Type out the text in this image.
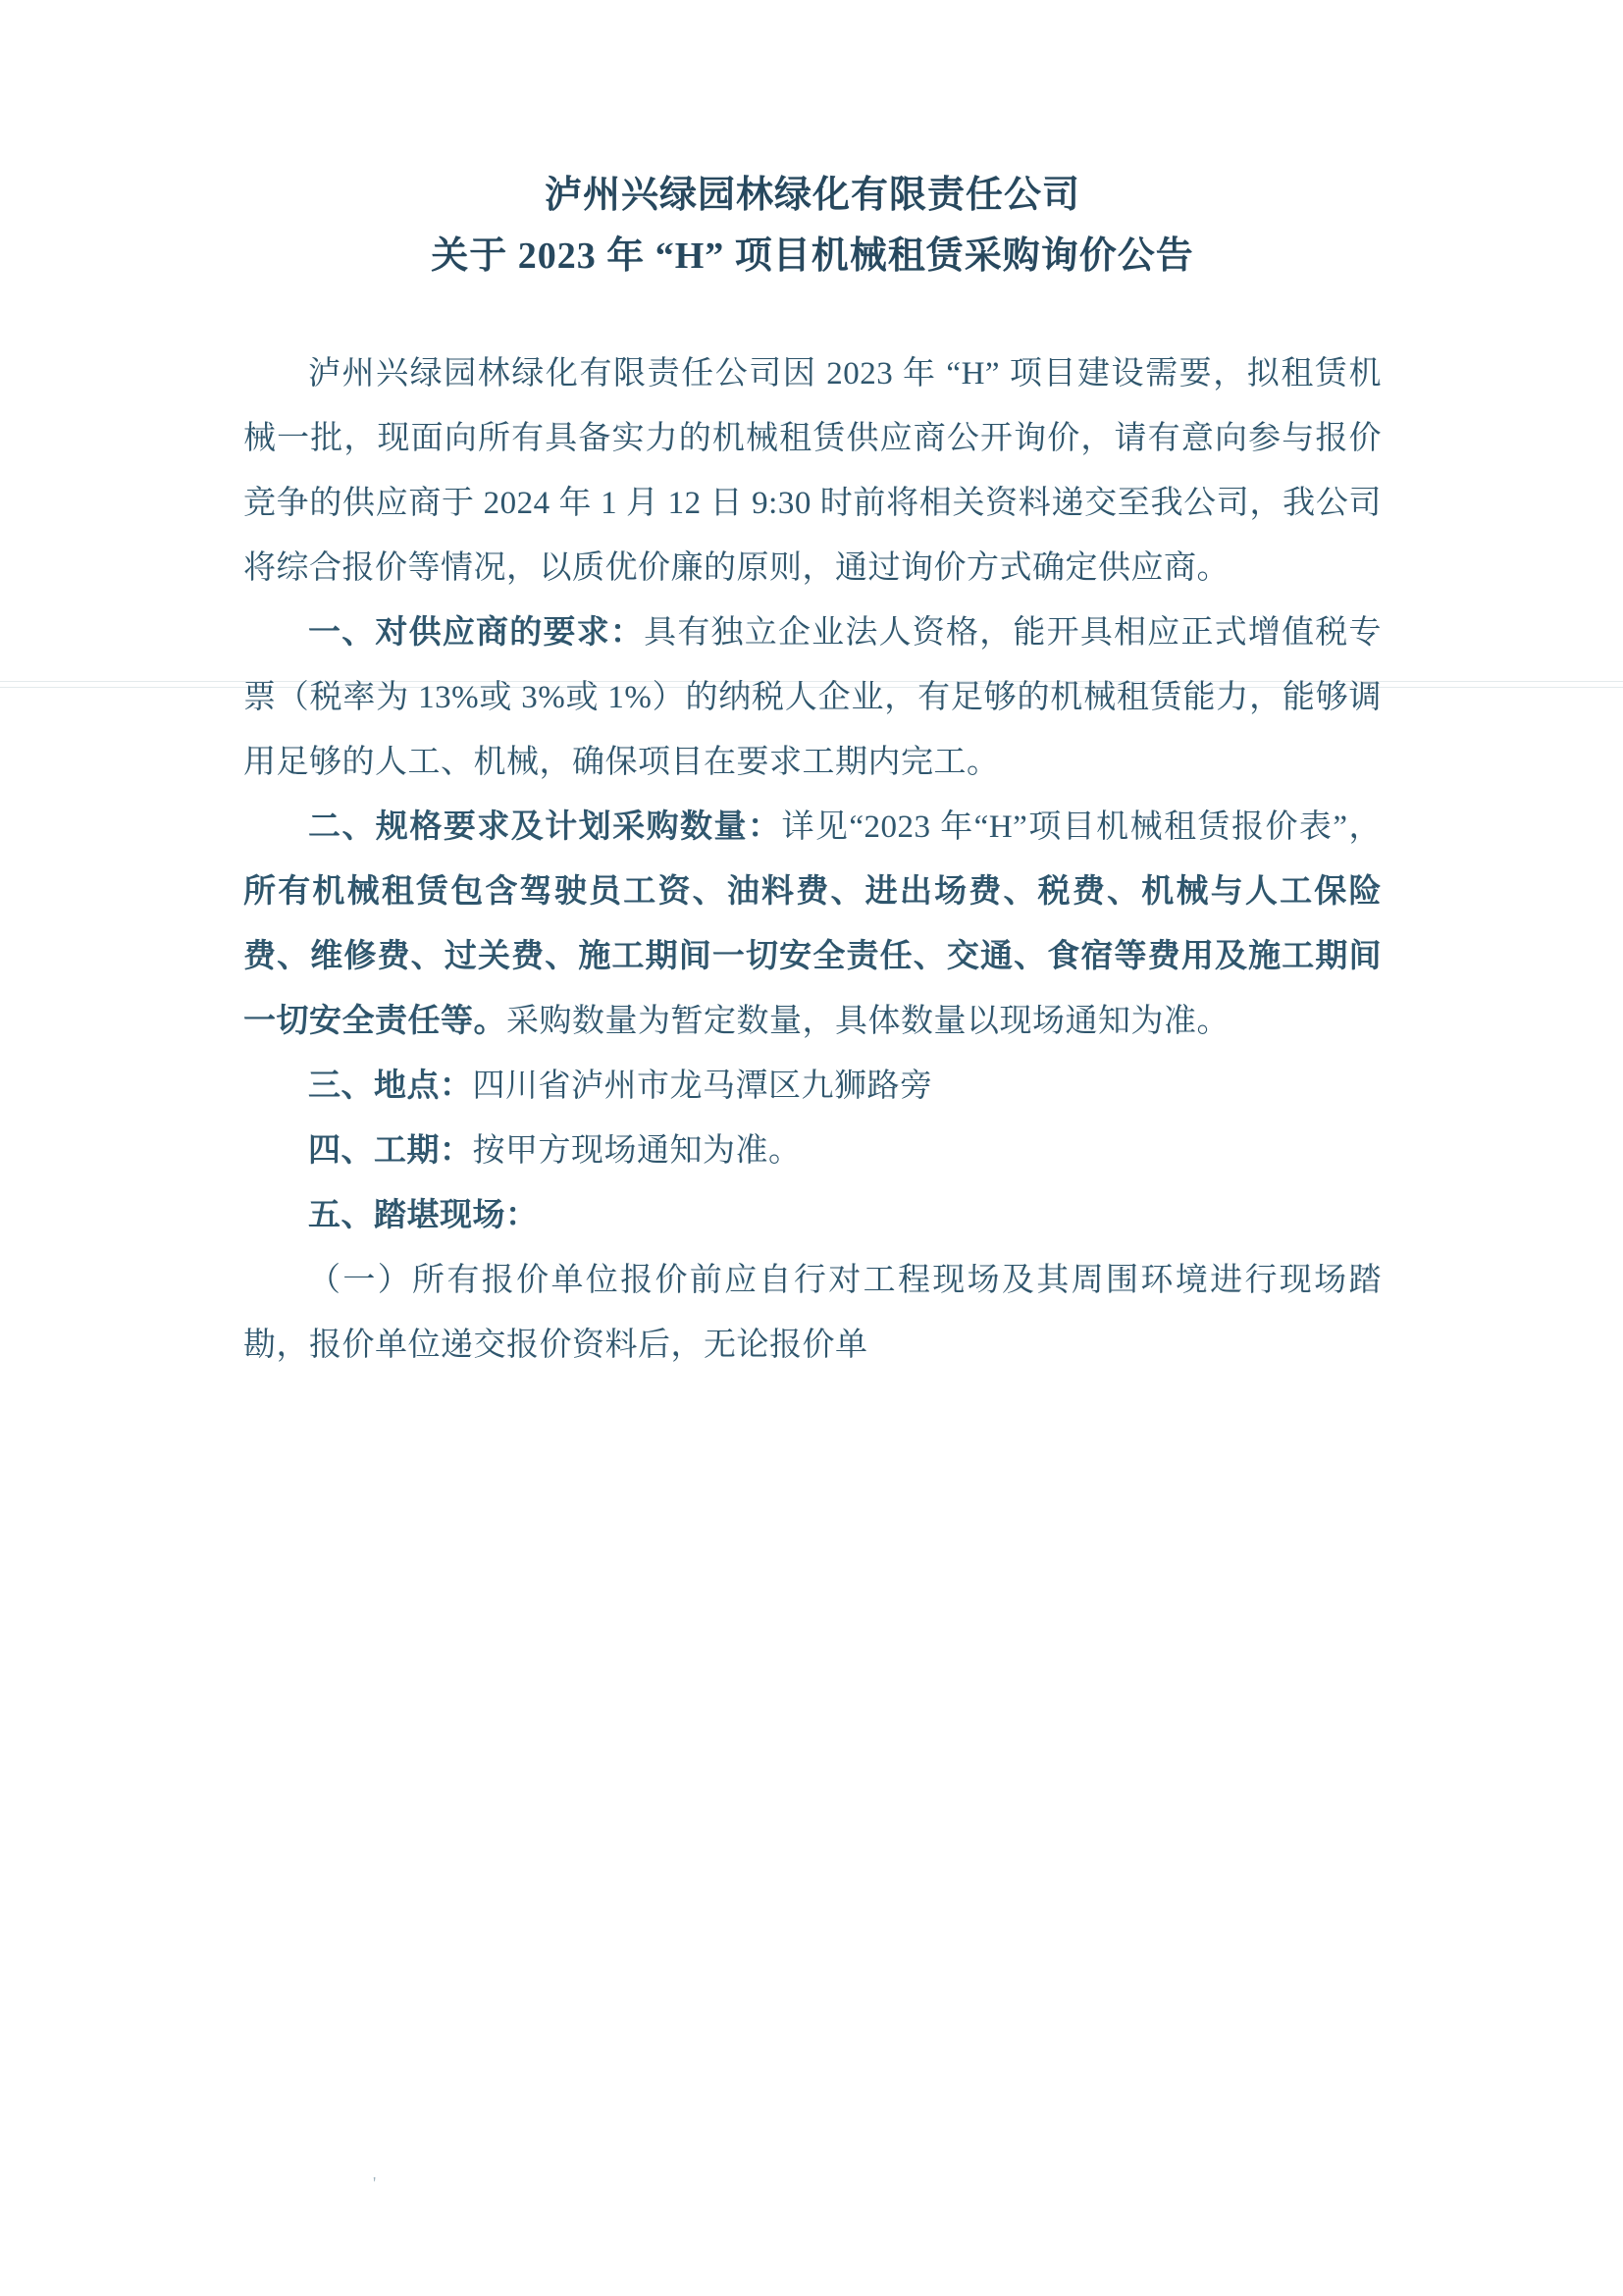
泸州兴绿园林绿化有限责任公司
关于 2023 年 “H” 项目机械租赁采购询价公告

泸州兴绿园林绿化有限责任公司因 2023 年 “H” 项目建设需要，拟租赁机械一批，现面向所有具备实力的机械租赁供应商公开询价，请有意向参与报价竞争的供应商于 2024 年 1 月 12 日 9:30 时前将相关资料递交至我公司，我公司将综合报价等情况，以质优价廉的原则，通过询价方式确定供应商。

一、对供应商的要求：具有独立企业法人资格，能开具相应正式增值税专票（税率为 13%或 3%或 1%）的纳税人企业，有足够的机械租赁能力，能够调用足够的人工、机械，确保项目在要求工期内完工。

二、规格要求及计划采购数量：详见“2023 年“H”项目机械租赁报价表”，所有机械租赁包含驾驶员工资、油料费、进出场费、税费、机械与人工保险费、维修费、过关费、施工期间一切安全责任、交通、食宿等费用及施工期间一切安全责任等。采购数量为暂定数量，具体数量以现场通知为准。

三、地点：四川省泸州市龙马潭区九狮路旁

四、工期：按甲方现场通知为准。

五、踏堪现场：

（一）所有报价单位报价前应自行对工程现场及其周围环境进行现场踏勘，报价单位递交报价资料后，无论报价单

'
